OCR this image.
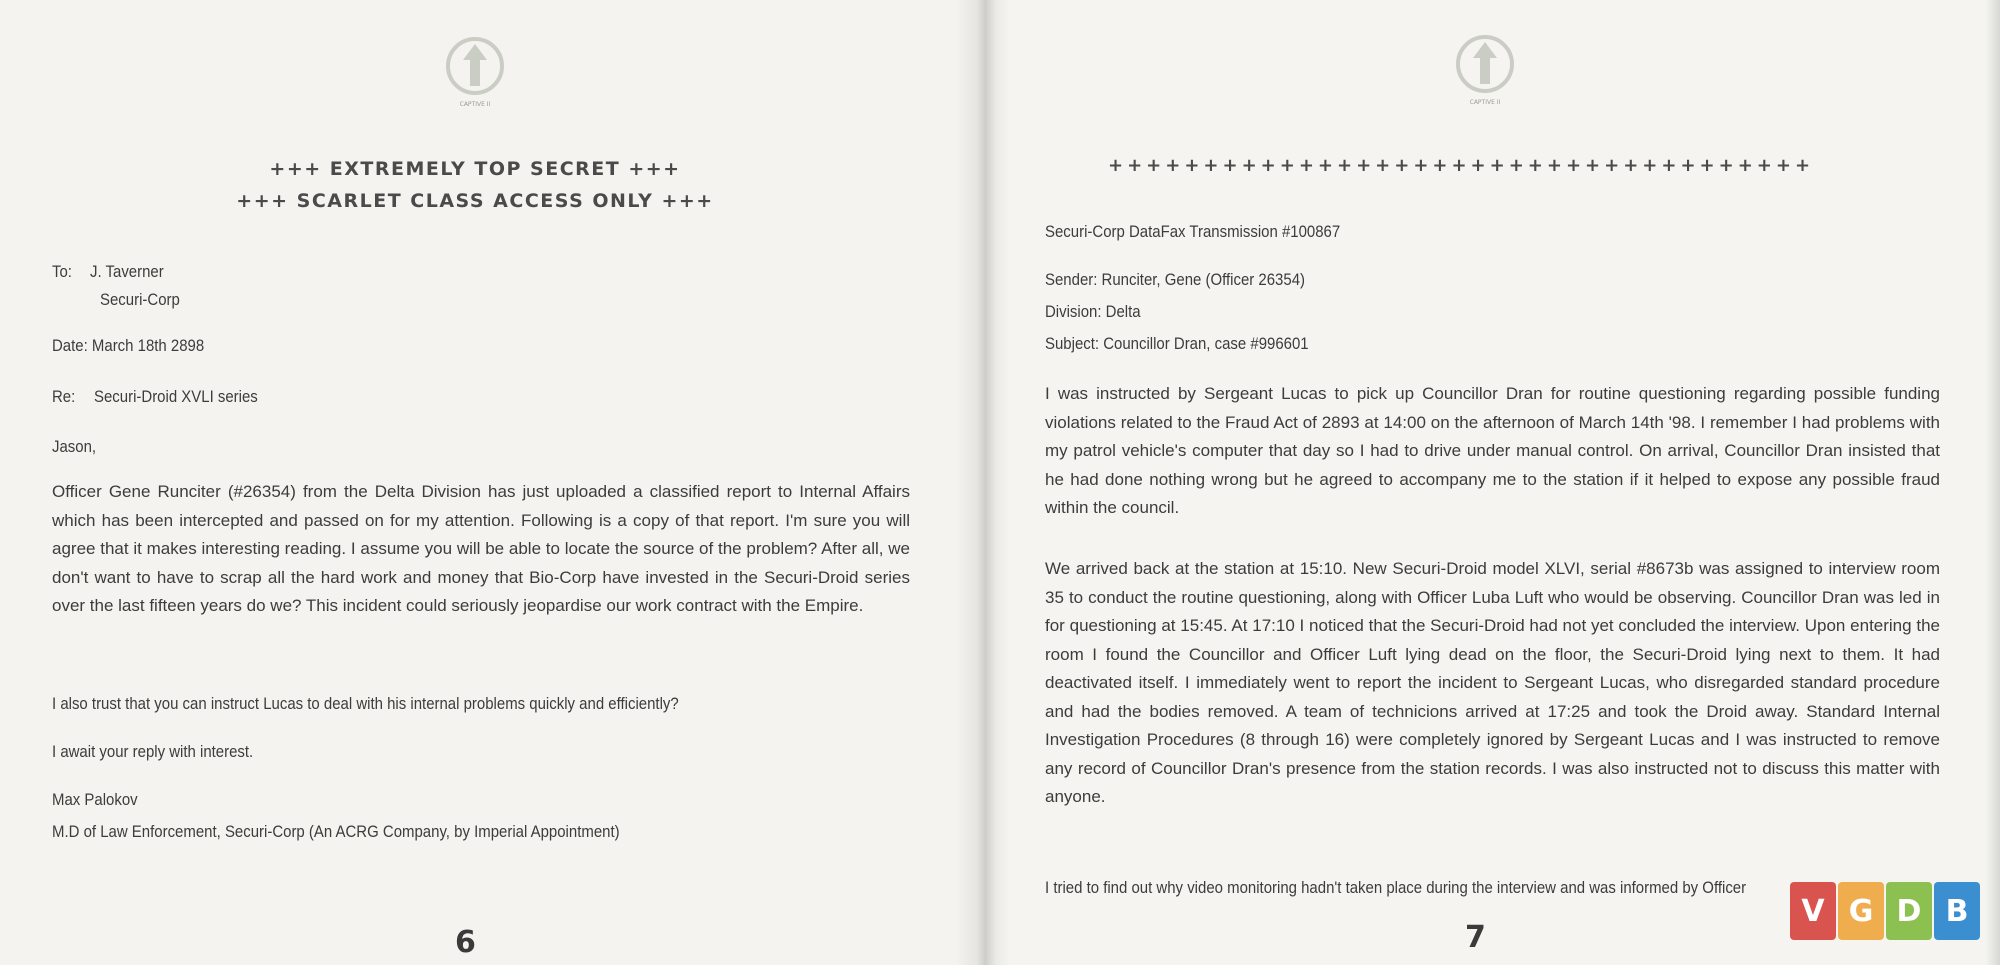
CAPTIVE II
+++ EXTREMELY TOP SECRET +++
+++ SCARLET CLASS ACCESS ONLY +++
To: J. Taverner
Securi-Corp
Date: March 18th 2898
Re: Securi-Droid XVLI series
Jason,
Officer Gene Runciter (#26354) from the Delta Division has just uploaded a classified report to Internal Affairs which has been intercepted and passed on for my attention. Following is a copy of that report. I'm sure you will agree that it makes interesting reading. I assume you will be able to locate the source of the problem? After all, we don't want to have to scrap all the hard work and money that Bio-Corp have invested in the Securi-Droid series over the last fifteen years do we? This incident could seriously jeopardise our work contract with the Empire.
I also trust that you can instruct Lucas to deal with his internal problems quickly and efficiently?
I await your reply with interest.
Max Palokov
M.D of Law Enforcement, Securi-Corp (An ACRG Company, by Imperial Appointment)
6
CAPTIVE II
+++++++++++++++++++++++++++++++++++++
Securi-Corp DataFax Transmission #100867
Sender: Runciter, Gene (Officer 26354)
Division: Delta
Subject: Councillor Dran, case #996601
I was instructed by Sergeant Lucas to pick up Councillor Dran for routine questioning regarding possible funding violations related to the Fraud Act of 2893 at 14:00 on the afternoon of March 14th '98. I remember I had problems with my patrol vehicle's computer that day so I had to drive under manual control. On arrival, Councillor Dran insisted that he had done nothing wrong but he agreed to accompany me to the station if it helped to expose any possible fraud within the council.
We arrived back at the station at 15:10. New Securi-Droid model XLVI, serial #8673b was assigned to interview room 35 to conduct the routine questioning, along with Officer Luba Luft who would be observing. Councillor Dran was led in for questioning at 15:45. At 17:10 I noticed that the Securi-Droid had not yet concluded the interview. Upon entering the room I found the Councillor and Officer Luft lying dead on the floor, the Securi-Droid lying next to them. It had deactivated itself. I immediately went to report the incident to Sergeant Lucas, who disregarded standard procedure and had the bodies removed. A team of technicions arrived at 17:25 and took the Droid away. Standard Internal Investigation Procedures (8 through 16) were completely ignored by Sergeant Lucas and I was instructed to remove any record of Councillor Dran's presence from the station records. I was also instructed not to discuss this matter with anyone.
I tried to find out why video monitoring hadn't taken place during the interview and was informed by Officer
7
V G D B
